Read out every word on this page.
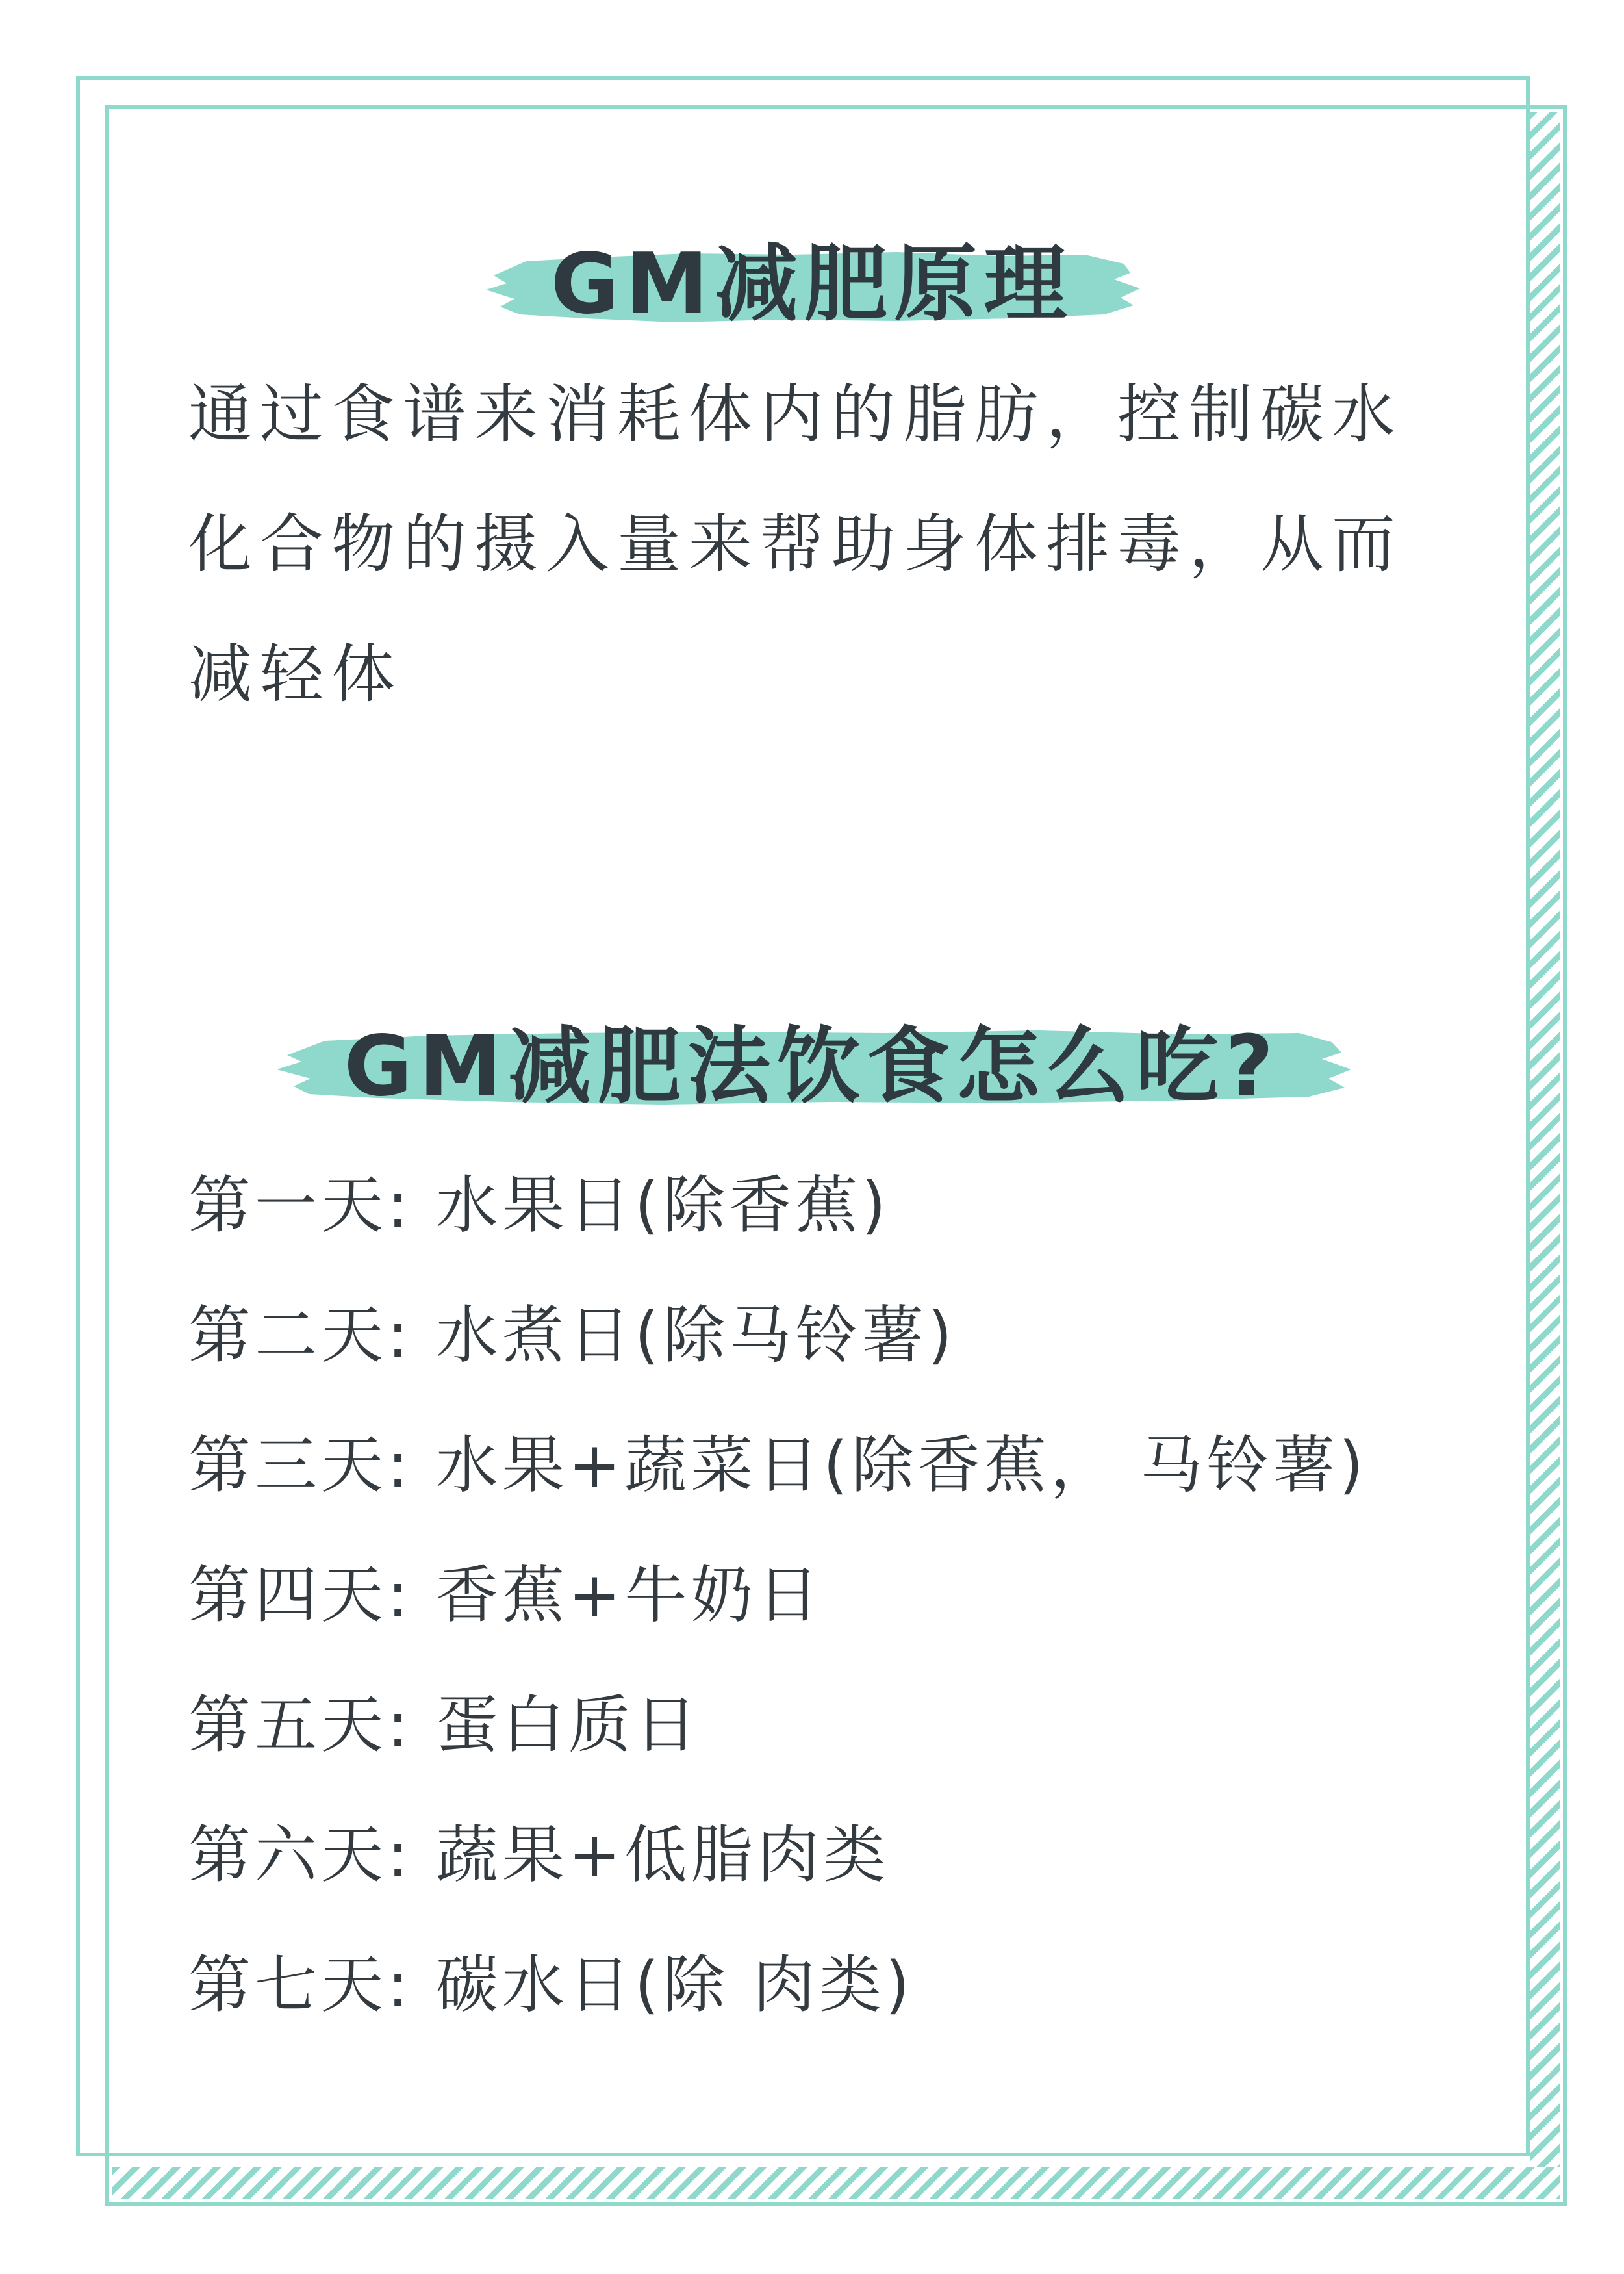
GM减肥原理

通过食谱来消耗体内的脂肪，控制碳水化合物的摄入量来帮助身体排毒，从而减轻体

GM减肥法饮食怎么吃?
第一天: 水果日(除香蕉)
第二天: 水煮日(除马铃薯)
第三天: 水果+蔬菜日(除香蕉， 马铃薯)
第四天: 香蕉+牛奶日
第五天: 蛋白质日
第六天: 蔬果+低脂肉类
第七天: 碳水日(除 肉类)
